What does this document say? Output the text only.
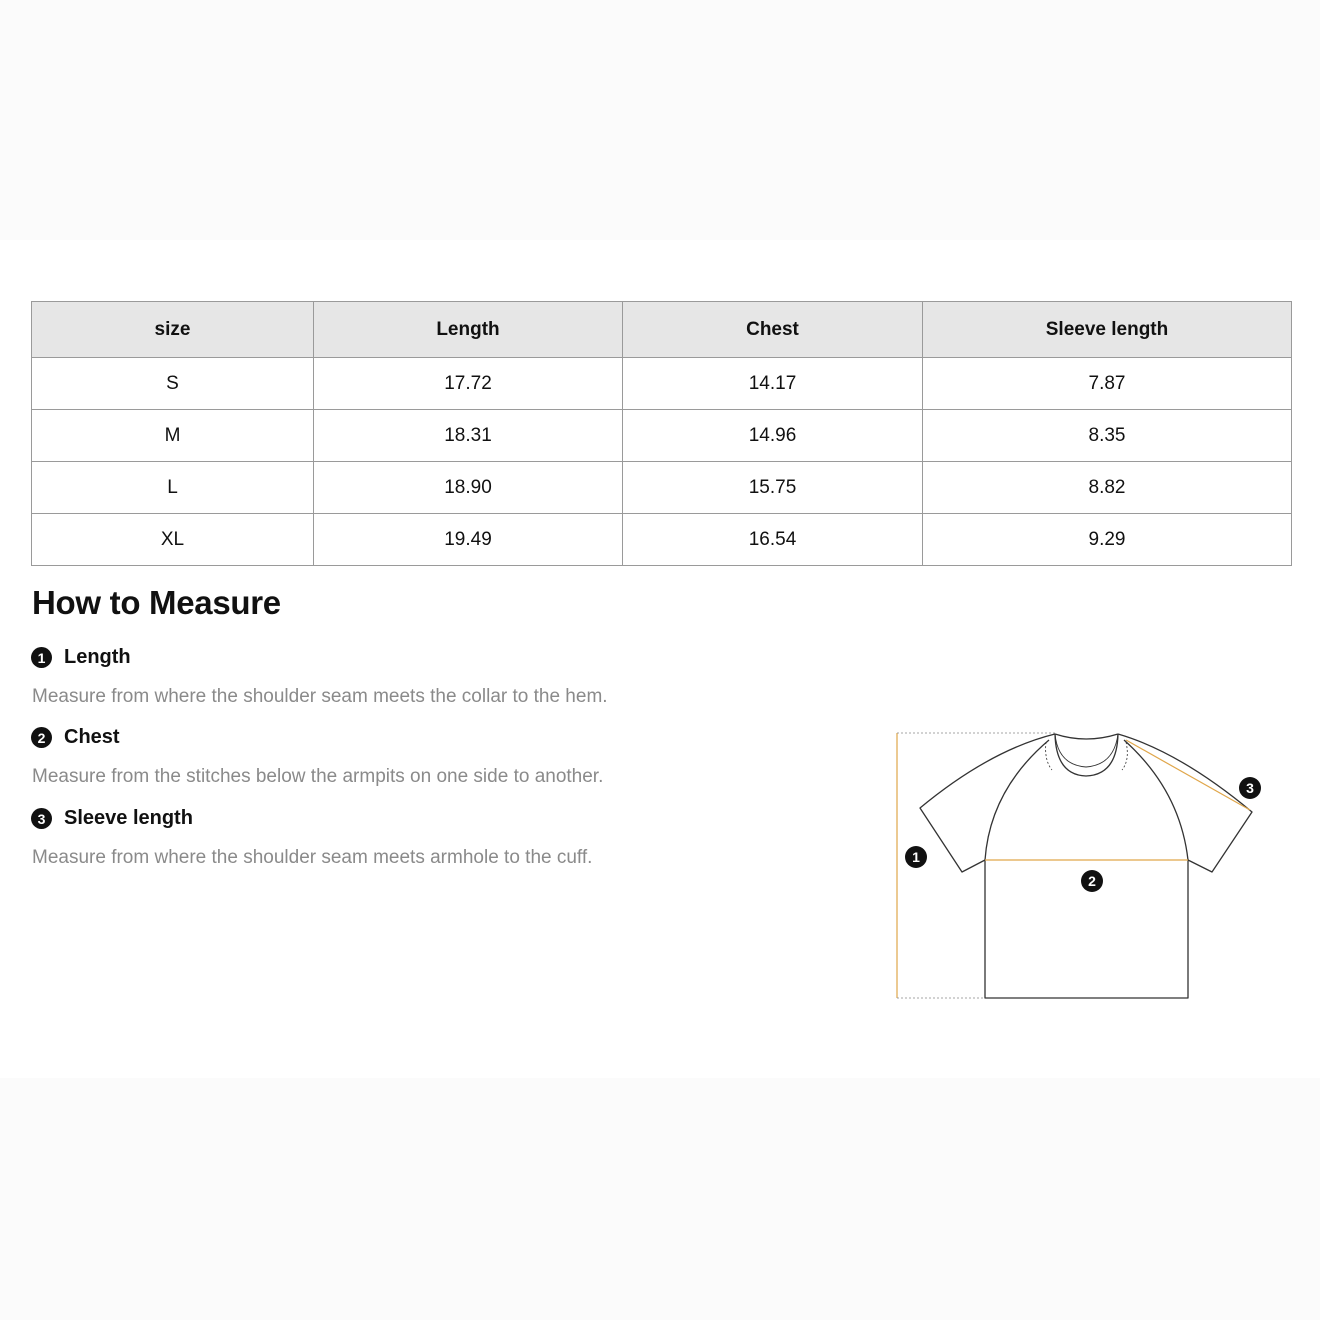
size	Length	Chest	Sleeve length
S	17.72	14.17	7.87
M	18.31	14.96	8.35
L	18.90	15.75	8.82
XL	19.49	16.54	9.29
How to Measure
1 Length
Measure from where the shoulder seam meets the collar to the hem.
2 Chest
Measure from the stitches below the armpits on one side to another.
3 Sleeve length
Measure from where the shoulder seam meets armhole to the cuff.	1
2
3
